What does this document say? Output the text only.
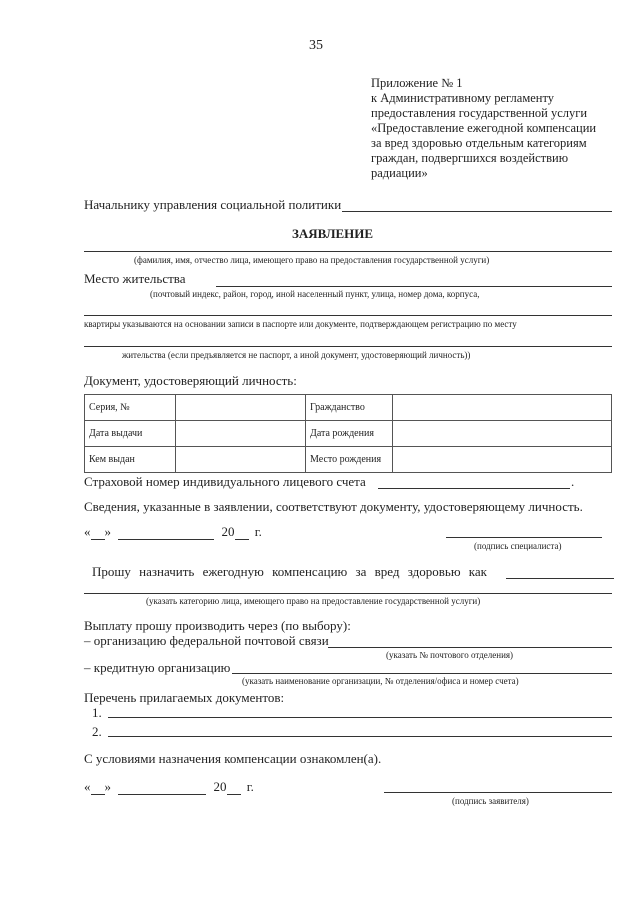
35
Приложение № 1
к Административному регламенту
предоставления государственной услуги
«Предоставление ежегодной компенсации
за вред здоровью отдельным категориям
граждан, подвергшихся воздействию
радиации»
Начальнику управления социальной политики
ЗАЯВЛЕНИЕ
(фамилия, имя, отчество лица, имеющего право на предоставления государственной услуги)
Место жительства
(почтовый индекс, район, город, иной населенный пункт, улица, номер дома, корпуса,
квартиры указываются на основании записи в паспорте или документе, подтверждающем регистрацию по месту
жительства (если предъявляется не паспорт, а иной документ, удостоверяющий личность))
Документ, удостоверяющий личность:
Серия, №		Гражданство	
Дата выдачи		Дата рождения	
Кем выдан		Место рождения	
Страховой номер индивидуального лицевого счета	.
Сведения, указанные в заявлении, соответствуют документу, удостоверяющему личность.
« »	20 г.
(подпись специалиста)
Прошу назначить ежегодную компенсацию за вред здоровью как
(указать категорию лица, имеющего право на предоставление государственной услуги)
Выплату прошу производить через (по выбору):
– организацию федеральной почтовой связи
(указать № почтового отделения)
– кредитную организацию
(указать наименование организации, № отделения/офиса и номер счета)
Перечень прилагаемых документов:
1.
2.
С условиями назначения компенсации ознакомлен(а).
« »	20 г.
(подпись заявителя)
